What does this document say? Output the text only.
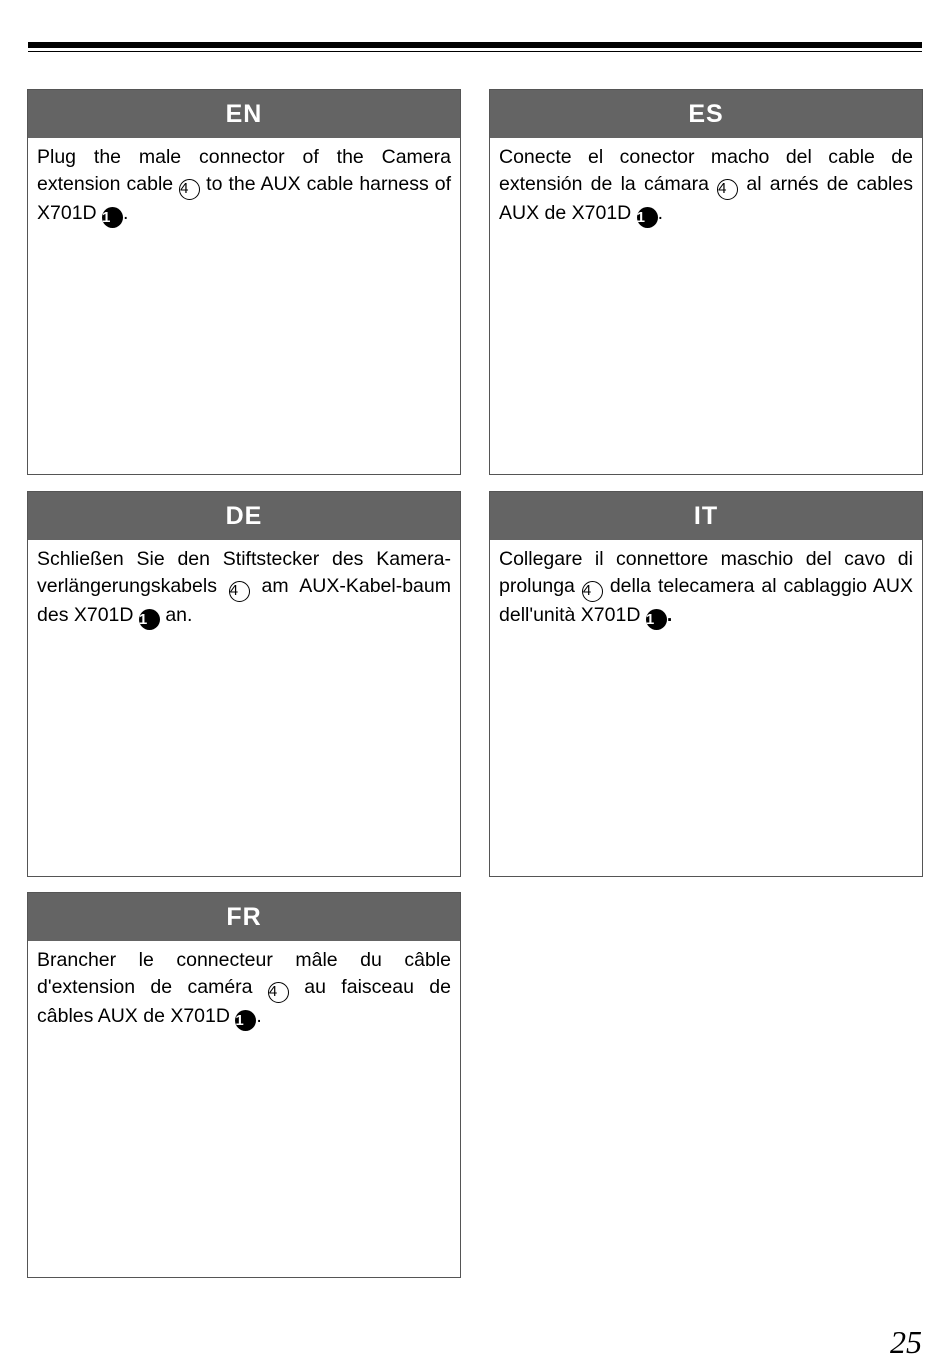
EN
Plug the male connector of the Camera extension cable 4 to the AUX cable harness of X701D 1 .
ES
Conecte el conector macho del cable de extensión de la cámara 4 al arnés de cables AUX de X701D 1 .
DE
Schließen Sie den Stiftstecker des Kamera-verlängerungskabels 4 am AUX-Kabel-baum des X701D 1 an.
IT
Collegare il connettore maschio del cavo di prolunga 4 della telecamera al cablaggio AUX dell'unità X701D 1 .
FR
Brancher le connecteur mâle du câble d'extension de caméra 4 au faisceau de câbles AUX de X701D 1 .
25
